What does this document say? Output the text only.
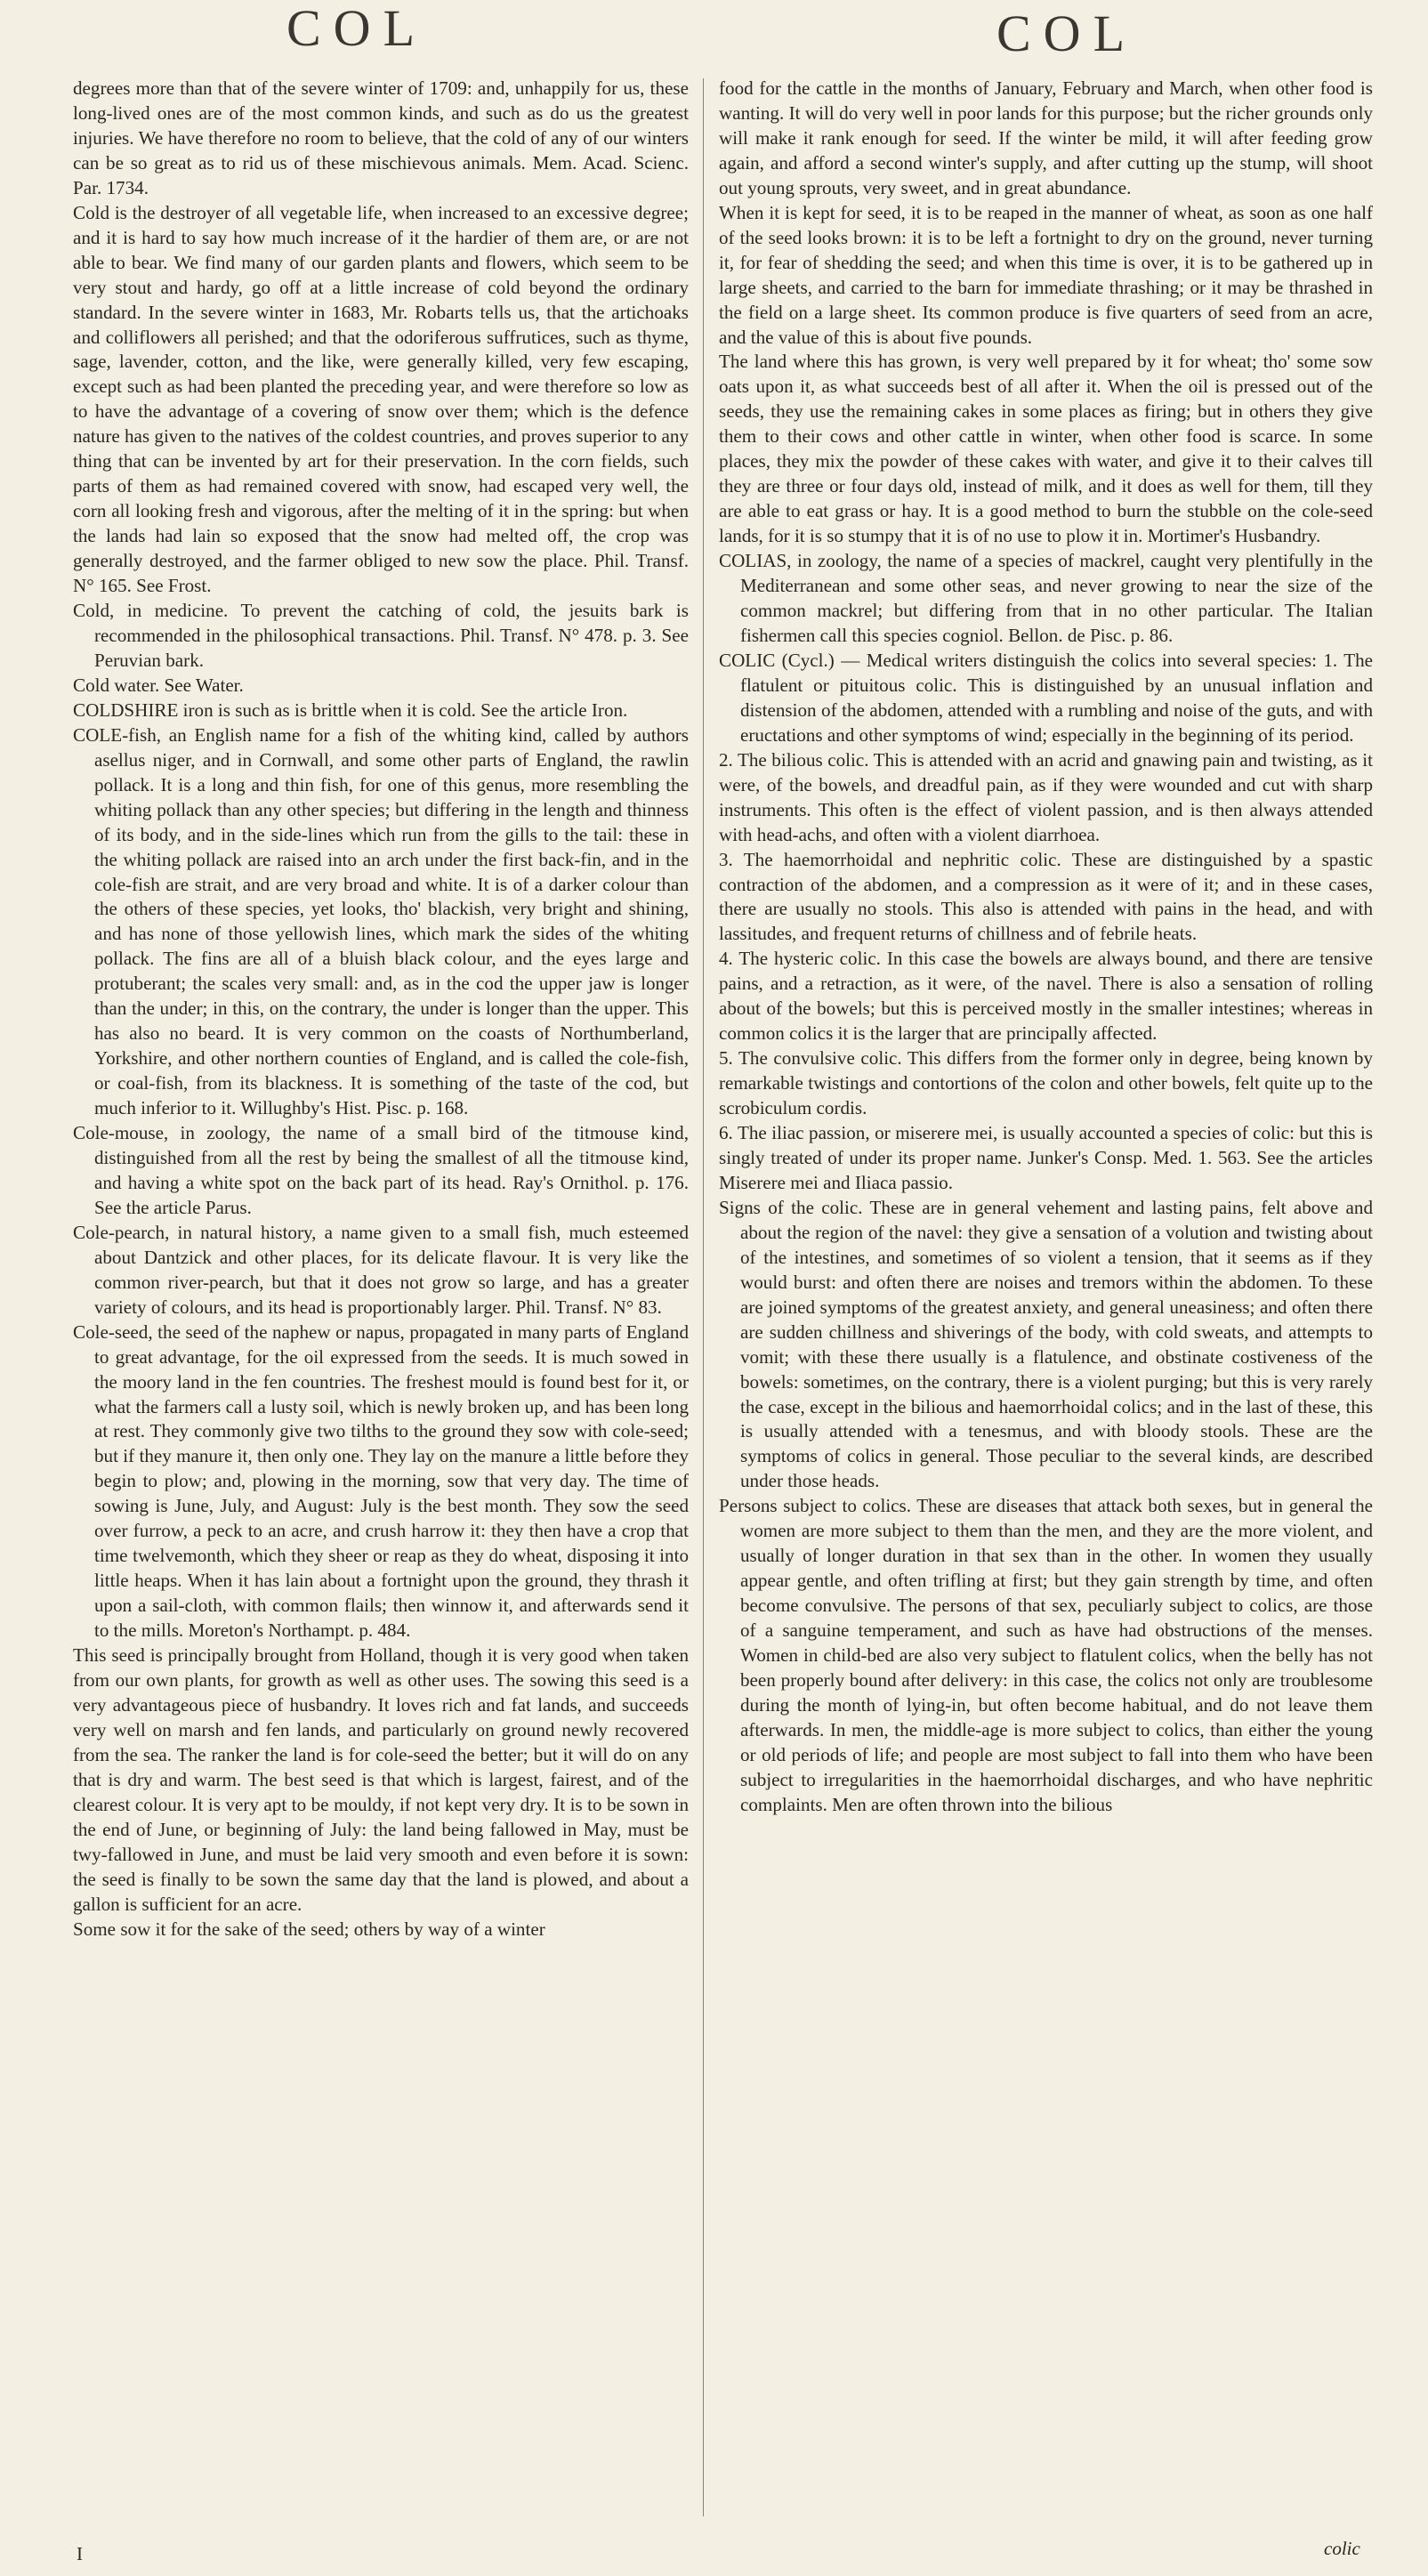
COL	COL

degrees more than that of the severe winter of 1709: and, unhappily for us, these long-lived ones are of the most common kinds, and such as do us the greatest injuries. We have therefore no room to believe, that the cold of any of our winters can be so great as to rid us of these mischievous animals. Mem. Acad. Scienc. Par. 1734.

Cold is the destroyer of all vegetable life, when increased to an excessive degree; and it is hard to say how much increase of it the hardier of them are, or are not able to bear. We find many of our garden plants and flowers, which seem to be very stout and hardy, go off at a little increase of cold beyond the ordinary standard. In the severe winter in 1683, Mr. Robarts tells us, that the artichoaks and colliflowers all perished; and that the odoriferous suffrutices, such as thyme, sage, lavender, cotton, and the like, were generally killed, very few escaping, except such as had been planted the preceding year, and were therefore so low as to have the advantage of a covering of snow over them; which is the defence nature has given to the natives of the coldest countries, and proves superior to any thing that can be invented by art for their preservation. In the corn fields, such parts of them as had remained covered with snow, had escaped very well, the corn all looking fresh and vigorous, after the melting of it in the spring: but when the lands had lain so exposed that the snow had melted off, the crop was generally destroyed, and the farmer obliged to new sow the place. Phil. Transf. N° 165. See Frost.

Cold, in medicine. To prevent the catching of cold, the jesuits bark is recommended in the philosophical transactions. Phil. Transf. N° 478. p. 3. See Peruvian bark.

Cold water. See Water.

COLDSHIRE iron is such as is brittle when it is cold. See the article Iron.

COLE-fish, an English name for a fish of the whiting kind, called by authors asellus niger, and in Cornwall, and some other parts of England, the rawlin pollack. It is a long and thin fish, for one of this genus, more resembling the whiting pollack than any other species; but differing in the length and thinness of its body, and in the side-lines which run from the gills to the tail: these in the whiting pollack are raised into an arch under the first back-fin, and in the cole-fish are strait, and are very broad and white. It is of a darker colour than the others of these species, yet looks, tho' blackish, very bright and shining, and has none of those yellowish lines, which mark the sides of the whiting pollack. The fins are all of a bluish black colour, and the eyes large and protuberant; the scales very small: and, as in the cod the upper jaw is longer than the under; in this, on the contrary, the under is longer than the upper. This has also no beard. It is very common on the coasts of Northumberland, Yorkshire, and other northern counties of England, and is called the cole-fish, or coal-fish, from its blackness. It is something of the taste of the cod, but much inferior to it. Willughby's Hist. Pisc. p. 168.

Cole-mouse, in zoology, the name of a small bird of the titmouse kind, distinguished from all the rest by being the smallest of all the titmouse kind, and having a white spot on the back part of its head. Ray's Ornithol. p. 176. See the article Parus.

Cole-pearch, in natural history, a name given to a small fish, much esteemed about Dantzick and other places, for its delicate flavour. It is very like the common river-pearch, but that it does not grow so large, and has a greater variety of colours, and its head is proportionably larger. Phil. Transf. N° 83.

Cole-seed, the seed of the naphew or napus, propagated in many parts of England to great advantage, for the oil expressed from the seeds. It is much sowed in the moory land in the fen countries. The freshest mould is found best for it, or what the farmers call a lusty soil, which is newly broken up, and has been long at rest. They commonly give two tilths to the ground they sow with cole-seed; but if they manure it, then only one. They lay on the manure a little before they begin to plow; and, plowing in the morning, sow that very day. The time of sowing is June, July, and August: July is the best month. They sow the seed over furrow, a peck to an acre, and crush harrow it: they then have a crop that time twelvemonth, which they sheer or reap as they do wheat, disposing it into little heaps. When it has lain about a fortnight upon the ground, they thrash it upon a sail-cloth, with common flails; then winnow it, and afterwards send it to the mills. Moreton's Northampt. p. 484.

This seed is principally brought from Holland, though it is very good when taken from our own plants, for growth as well as other uses. The sowing this seed is a very advantageous piece of husbandry. It loves rich and fat lands, and succeeds very well on marsh and fen lands, and particularly on ground newly recovered from the sea. The ranker the land is for cole-seed the better; but it will do on any that is dry and warm. The best seed is that which is largest, fairest, and of the clearest colour. It is very apt to be mouldy, if not kept very dry. It is to be sown in the end of June, or beginning of July: the land being fallowed in May, must be twy-fallowed in June, and must be laid very smooth and even before it is sown: the seed is finally to be sown the same day that the land is plowed, and about a gallon is sufficient for an acre.

Some sow it for the sake of the seed; others by way of a winter

food for the cattle in the months of January, February and March, when other food is wanting. It will do very well in poor lands for this purpose; but the richer grounds only will make it rank enough for seed. If the winter be mild, it will after feeding grow again, and afford a second winter's supply, and after cutting up the stump, will shoot out young sprouts, very sweet, and in great abundance.

When it is kept for seed, it is to be reaped in the manner of wheat, as soon as one half of the seed looks brown: it is to be left a fortnight to dry on the ground, never turning it, for fear of shedding the seed; and when this time is over, it is to be gathered up in large sheets, and carried to the barn for immediate thrashing; or it may be thrashed in the field on a large sheet. Its common produce is five quarters of seed from an acre, and the value of this is about five pounds.

The land where this has grown, is very well prepared by it for wheat; tho' some sow oats upon it, as what succeeds best of all after it. When the oil is pressed out of the seeds, they use the remaining cakes in some places as firing; but in others they give them to their cows and other cattle in winter, when other food is scarce. In some places, they mix the powder of these cakes with water, and give it to their calves till they are three or four days old, instead of milk, and it does as well for them, till they are able to eat grass or hay. It is a good method to burn the stubble on the cole-seed lands, for it is so stumpy that it is of no use to plow it in. Mortimer's Husbandry.

COLIAS, in zoology, the name of a species of mackrel, caught very plentifully in the Mediterranean and some other seas, and never growing to near the size of the common mackrel; but differing from that in no other particular. The Italian fishermen call this species cogniol. Bellon. de Pisc. p. 86.

COLIC (Cycl.) — Medical writers distinguish the colics into several species: 1. The flatulent or pituitous colic. This is distinguished by an unusual inflation and distension of the abdomen, attended with a rumbling and noise of the guts, and with eructations and other symptoms of wind; especially in the beginning of its period.

2. The bilious colic. This is attended with an acrid and gnawing pain and twisting, as it were, of the bowels, and dreadful pain, as if they were wounded and cut with sharp instruments. This often is the effect of violent passion, and is then always attended with head-achs, and often with a violent diarrhoea.

3. The haemorrhoidal and nephritic colic. These are distinguished by a spastic contraction of the abdomen, and a compression as it were of it; and in these cases, there are usually no stools. This also is attended with pains in the head, and with lassitudes, and frequent returns of chillness and of febrile heats.

4. The hysteric colic. In this case the bowels are always bound, and there are tensive pains, and a retraction, as it were, of the navel. There is also a sensation of rolling about of the bowels; but this is perceived mostly in the smaller intestines; whereas in common colics it is the larger that are principally affected.

5. The convulsive colic. This differs from the former only in degree, being known by remarkable twistings and contortions of the colon and other bowels, felt quite up to the scrobiculum cordis.

6. The iliac passion, or miserere mei, is usually accounted a species of colic: but this is singly treated of under its proper name. Junker's Consp. Med. 1. 563. See the articles Miserere mei and Iliaca passio.

Signs of the colic. These are in general vehement and lasting pains, felt above and about the region of the navel: they give a sensation of a volution and twisting about of the intestines, and sometimes of so violent a tension, that it seems as if they would burst: and often there are noises and tremors within the abdomen. To these are joined symptoms of the greatest anxiety, and general uneasiness; and often there are sudden chillness and shiverings of the body, with cold sweats, and attempts to vomit; with these there usually is a flatulence, and obstinate costiveness of the bowels: sometimes, on the contrary, there is a violent purging; but this is very rarely the case, except in the bilious and haemorrhoidal colics; and in the last of these, this is usually attended with a tenesmus, and with bloody stools. These are the symptoms of colics in general. Those peculiar to the several kinds, are described under those heads.

Persons subject to colics. These are diseases that attack both sexes, but in general the women are more subject to them than the men, and they are the more violent, and usually of longer duration in that sex than in the other. In women they usually appear gentle, and often trifling at first; but they gain strength by time, and often become convulsive. The persons of that sex, peculiarly subject to colics, are those of a sanguine temperament, and such as have had obstructions of the menses. Women in child-bed are also very subject to flatulent colics, when the belly has not been properly bound after delivery: in this case, the colics not only are troublesome during the month of lying-in, but often become habitual, and do not leave them afterwards. In men, the middle-age is more subject to colics, than either the young or old periods of life; and people are most subject to fall into them who have been subject to irregularities in the haemorrhoidal discharges, and who have nephritic complaints. Men are often thrown into the bilious

I	colic
